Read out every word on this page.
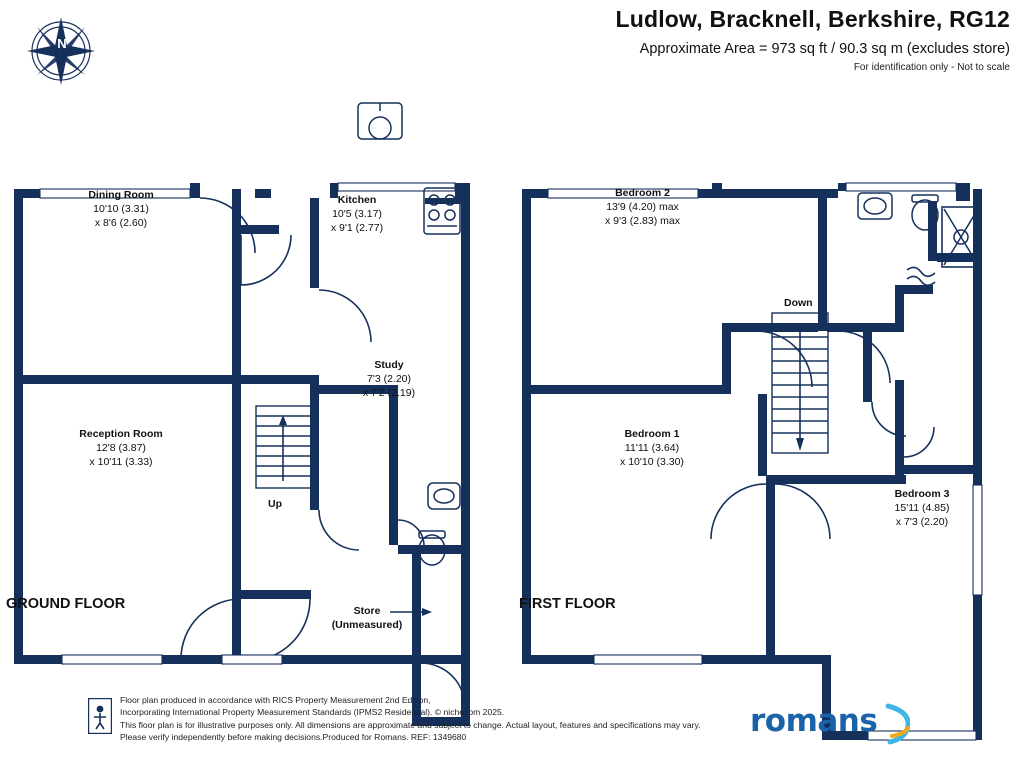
N
Ludlow, Bracknell, Berkshire, RG12
Approximate Area = 973 sq ft / 90.3 sq m (excludes store)
For identification only - Not to scale
Dining Room
10'10 (3.31)
x 8'6 (2.60)
Kitchen
10'5 (3.17)
x 9'1 (2.77)
Study
7'3 (2.20)
x 7'2 (2.19)
Reception Room
12'8 (3.87)
x 10'11 (3.33)
Bedroom 2
13'9 (4.20) max
x 9'3 (2.83) max
Bedroom 1
11'11 (3.64)
x 10'10 (3.30)
Bedroom 3
15'11 (4.85)
x 7'3 (2.20)
Up
Down
Store
(Unmeasured)
GROUND FLOOR	FIRST FLOOR
Floor plan produced in accordance with RICS Property Measurement 2nd Edition,
Incorporating International Property Measurement Standards (IPMS2 Residential). © nichecom 2025.
This floor plan is for illustrative purposes only. All dimensions are approximate and subject to change. Actual layout, features and specifications may vary.
Please verify independently before making decisions.Produced for Romans. REF: 1349680	romans
